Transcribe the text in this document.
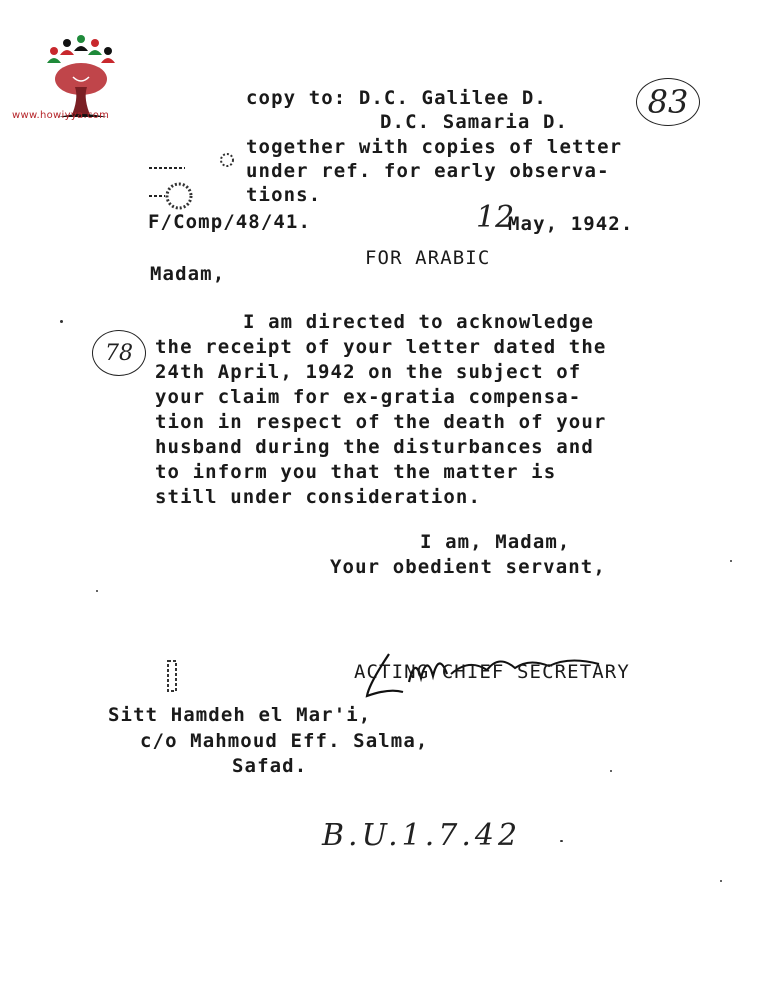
www.howiyya.com	83
copy to: D.C. Galilee D.
D.C. Samaria D.
together with copies of letter
under ref. for early observa-
tions.

F/Comp/48/41.	12
May, 1942.
FOR ARABIC
Madam,
78
I am directed to acknowledge
the receipt of your letter dated the
24th April, 1942 on the subject of
your claim for ex-gratia compensa-
tion in respect of the death of your
husband during the disturbances and
to inform you that the matter is
still under consideration.
I am, Madam,
Your obedient servant,

ACTING CHIEF SECRETARY
Sitt Hamdeh el Mar'i,
c/o Mahmoud Eff. Salma,
Safad.
B.U.1.7.42
